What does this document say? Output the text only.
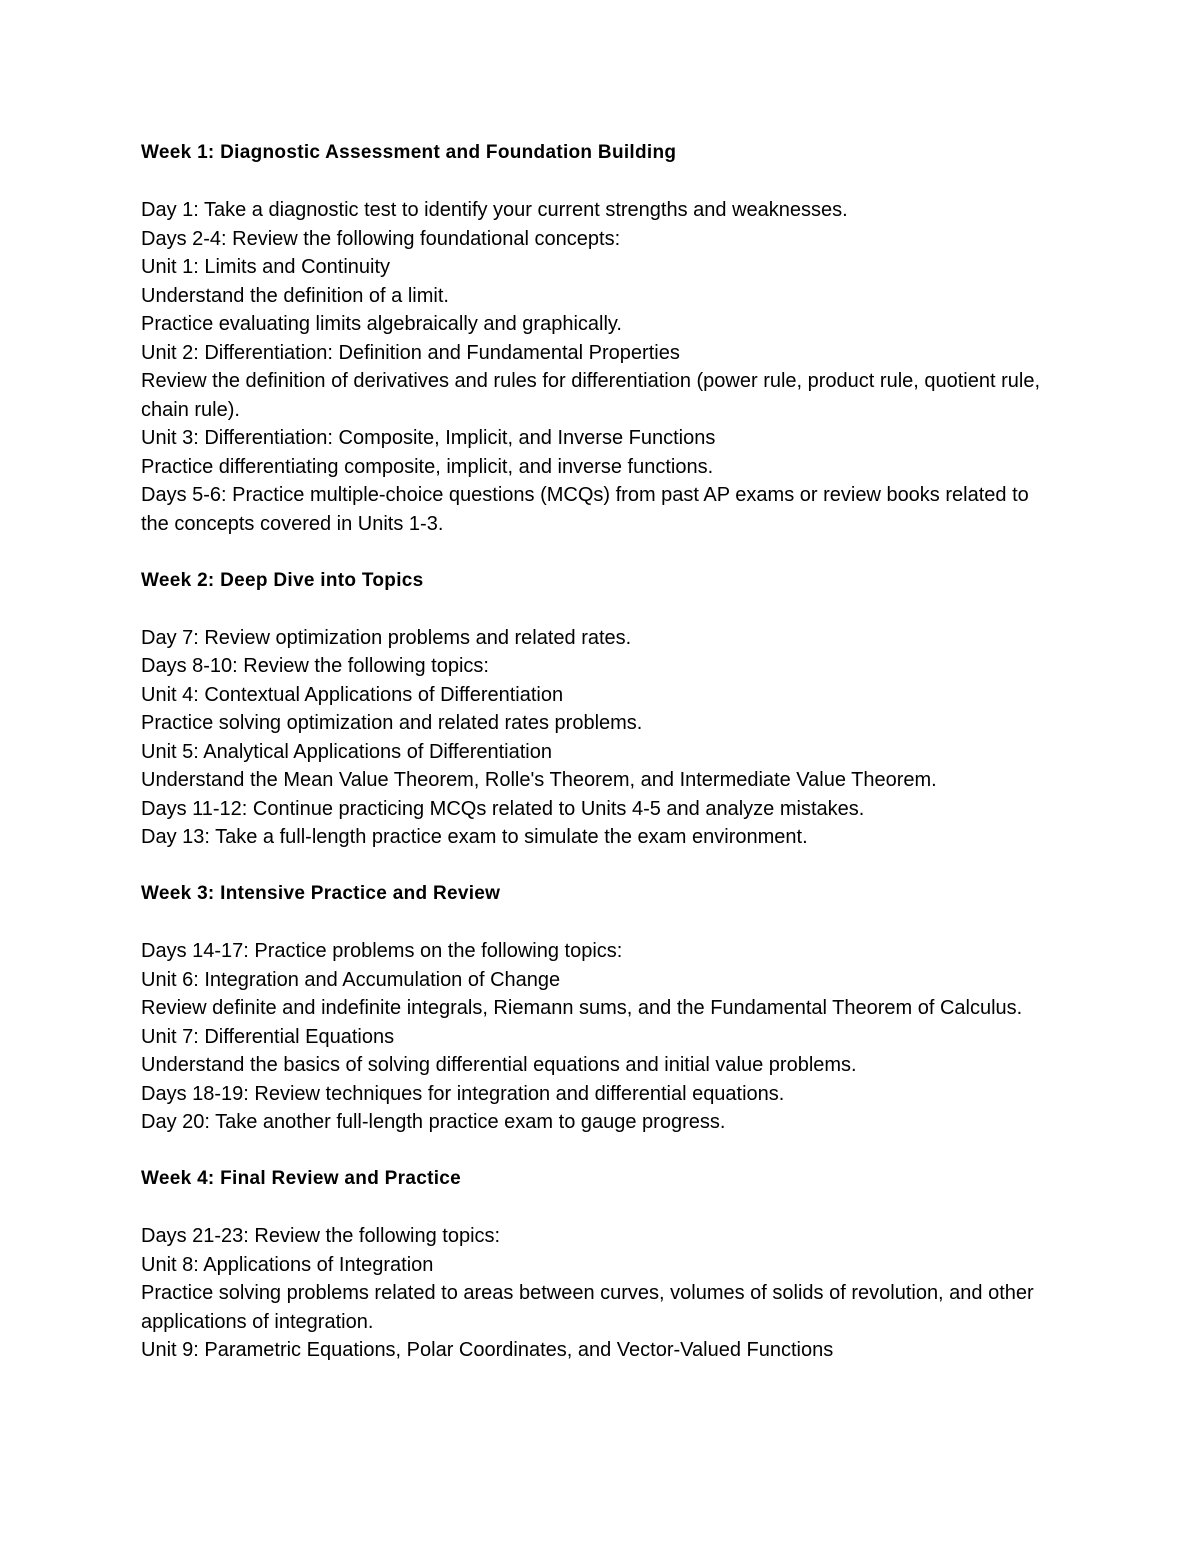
Week 1: Diagnostic Assessment and Foundation Building

Day 1: Take a diagnostic test to identify your current strengths and weaknesses.

Days 2-4: Review the following foundational concepts:

Unit 1: Limits and Continuity

Understand the definition of a limit.

Practice evaluating limits algebraically and graphically.

Unit 2: Differentiation: Definition and Fundamental Properties

Review the definition of derivatives and rules for differentiation (power rule, product rule, quotient rule, chain rule).

Unit 3: Differentiation: Composite, Implicit, and Inverse Functions

Practice differentiating composite, implicit, and inverse functions.

Days 5-6: Practice multiple-choice questions (MCQs) from past AP exams or review books related to the concepts covered in Units 1-3.

Week 2: Deep Dive into Topics

Day 7: Review optimization problems and related rates.

Days 8-10: Review the following topics:

Unit 4: Contextual Applications of Differentiation

Practice solving optimization and related rates problems.

Unit 5: Analytical Applications of Differentiation

Understand the Mean Value Theorem, Rolle's Theorem, and Intermediate Value Theorem.

Days 11-12: Continue practicing MCQs related to Units 4-5 and analyze mistakes.

Day 13: Take a full-length practice exam to simulate the exam environment.

Week 3: Intensive Practice and Review

Days 14-17: Practice problems on the following topics:

Unit 6: Integration and Accumulation of Change

Review definite and indefinite integrals, Riemann sums, and the Fundamental Theorem of Calculus.

Unit 7: Differential Equations

Understand the basics of solving differential equations and initial value problems.

Days 18-19: Review techniques for integration and differential equations.

Day 20: Take another full-length practice exam to gauge progress.

Week 4: Final Review and Practice

Days 21-23: Review the following topics:

Unit 8: Applications of Integration

Practice solving problems related to areas between curves, volumes of solids of revolution, and other applications of integration.

Unit 9: Parametric Equations, Polar Coordinates, and Vector-Valued Functions
